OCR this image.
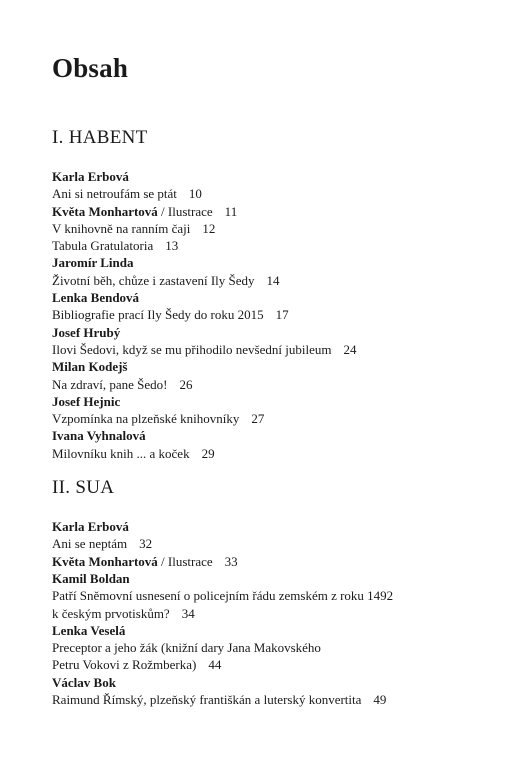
Obsah
I. HABENT
Karla Erbová
Ani si netroufám se ptát 10
Květa Monhartová / Ilustrace 11
V knihovně na ranním čaji 12
Tabula Gratulatoria 13
Jaromír Linda
Životní běh, chůze i zastavení Ily Šedy 14
Lenka Bendová
Bibliografie prací Ily Šedy do roku 2015 17
Josef Hrubý
Ilovi Šedovi, když se mu přihodilo nevšední jubileum 24
Milan Kodejš
Na zdraví, pane Šedo! 26
Josef Hejnic
Vzpomínka na plzeňské knihovníky 27
Ivana Vyhnalová
Milovníku knih ... a koček 29
II. SUA
Karla Erbová
Ani se neptám 32
Květa Monhartová / Ilustrace 33
Kamil Boldan
Patří Sněmovní usnesení o policejním řádu zemském z roku 1492
k českým prvotiskům? 34
Lenka Veselá
Preceptor a jeho žák (knižní dary Jana Makovského
Petru Vokovi z Rožmberka) 44
Václav Bok
Raimund Římský, plzeňský františkán a luterský konvertita 49
